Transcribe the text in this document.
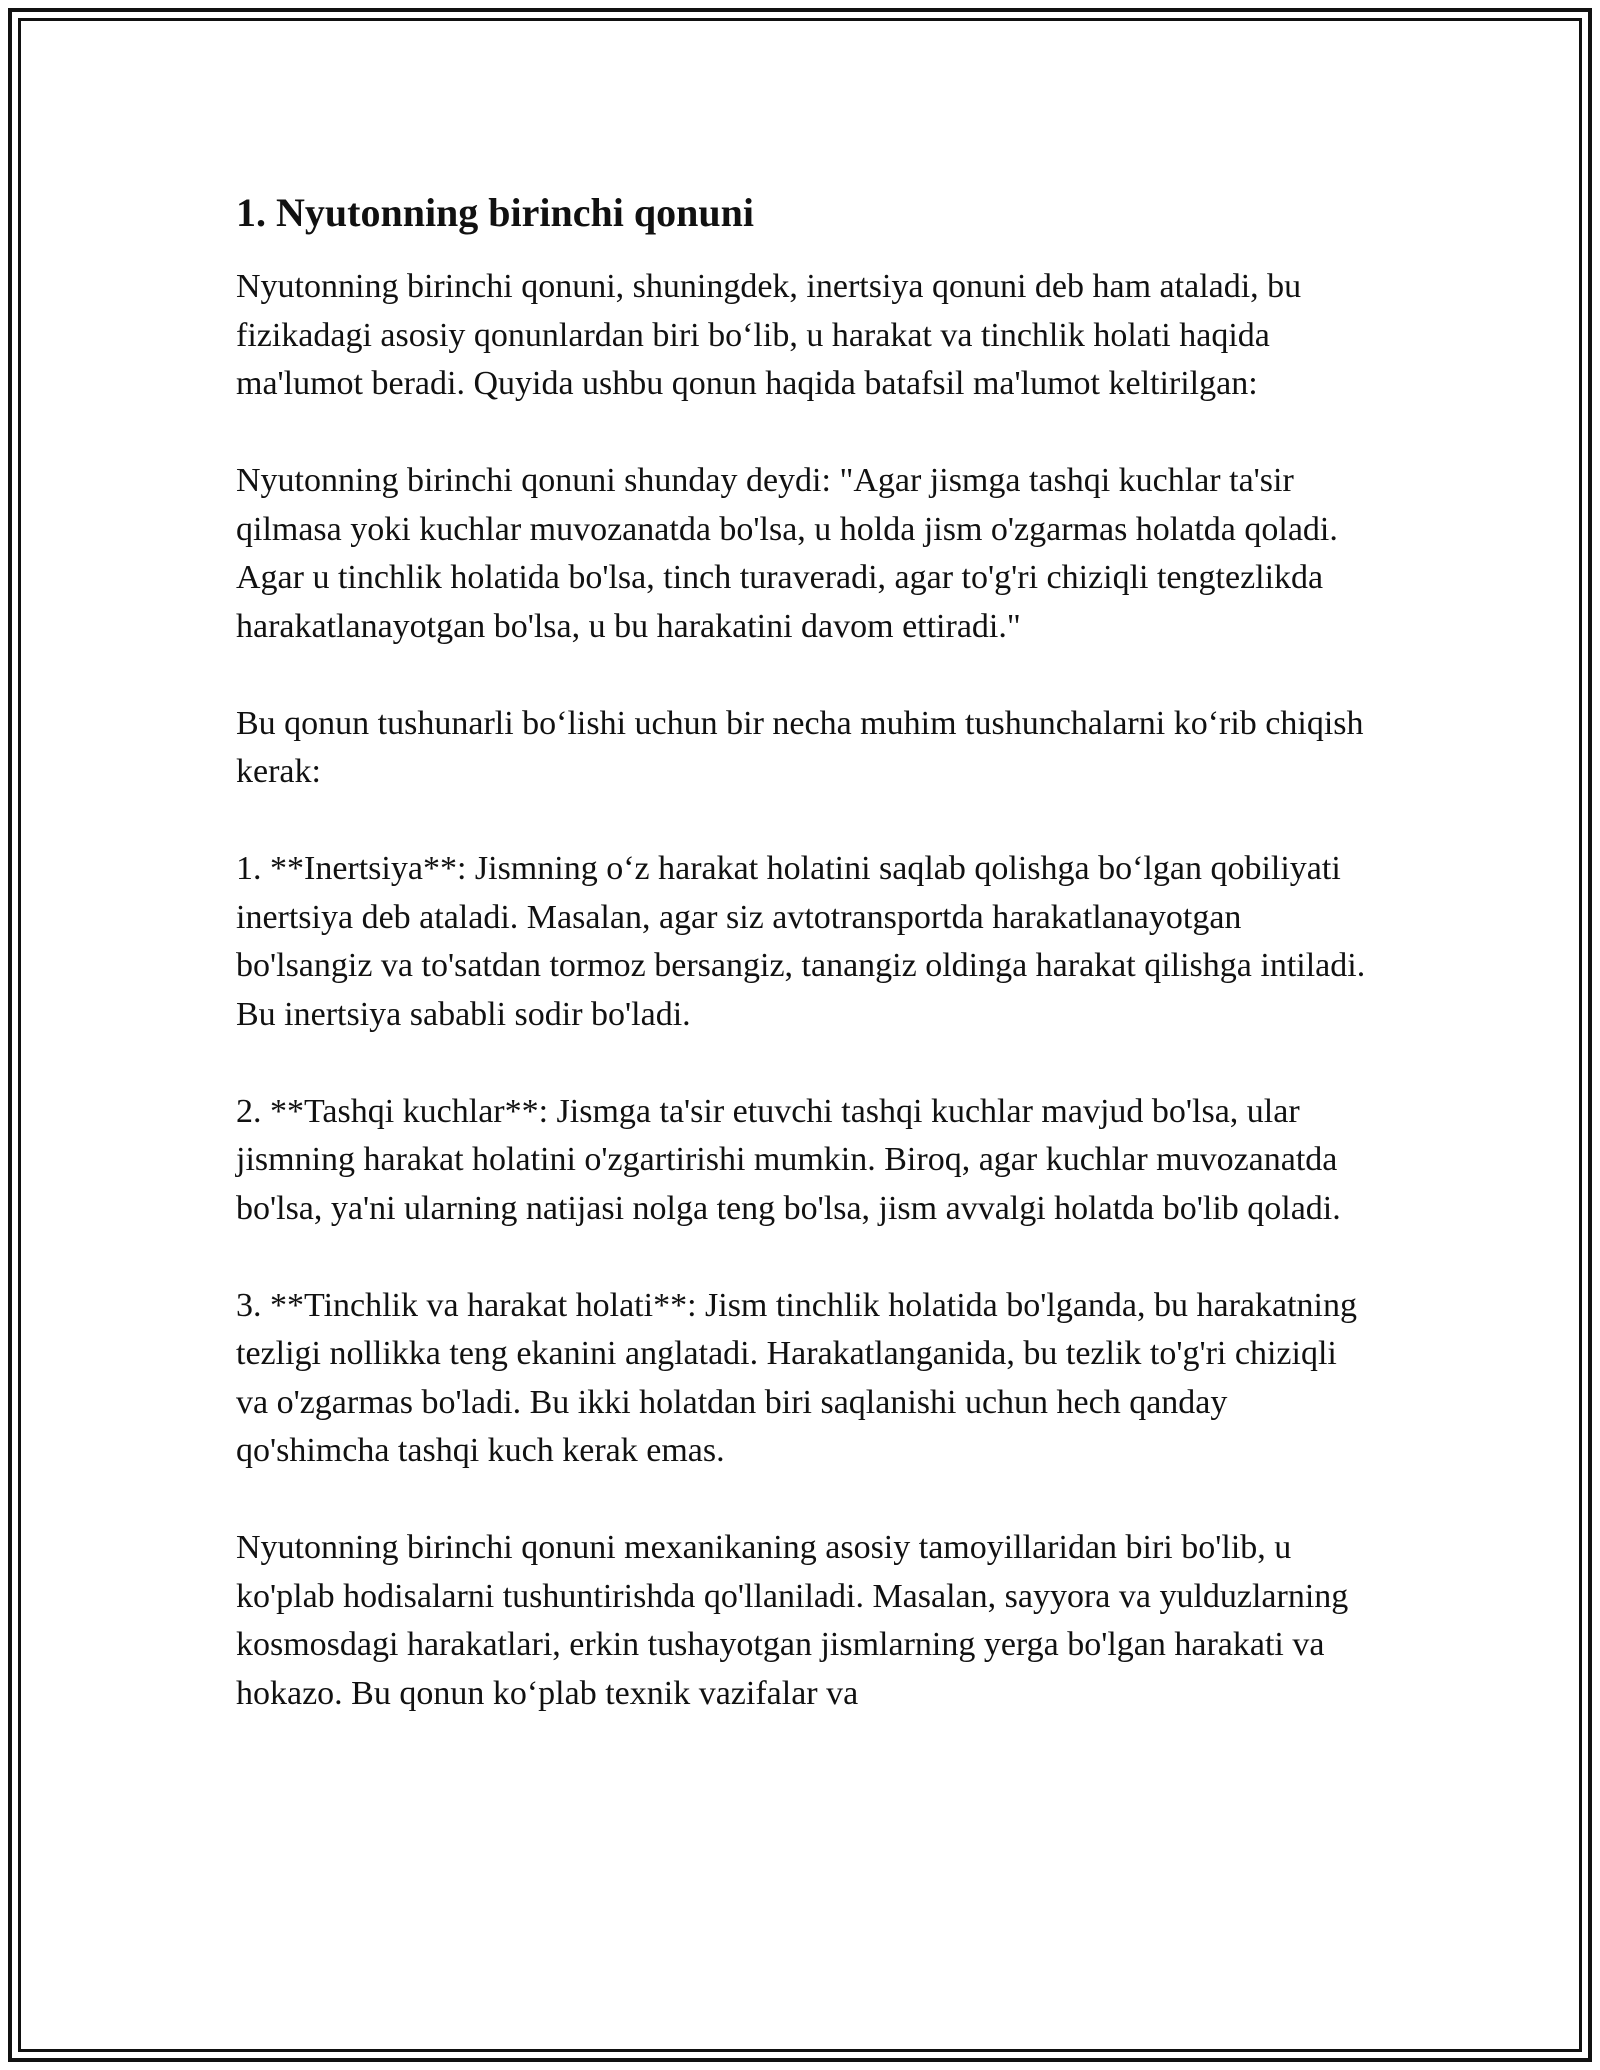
1. Nyutonning birinchi qonuni

Nyutonning birinchi qonuni, shuningdek, inertsiya qonuni deb ham ataladi, bu fizikadagi asosiy qonunlardan biri bo‘lib, u harakat va tinchlik holati haqida ma'lumot beradi. Quyida ushbu qonun haqida batafsil ma'lumot keltirilgan:

Nyutonning birinchi qonuni shunday deydi: "Agar jismga tashqi kuchlar ta'sir qilmasa yoki kuchlar muvozanatda bo'lsa, u holda jism o'zgarmas holatda qoladi. Agar u tinchlik holatida bo'lsa, tinch turaveradi, agar to'g'ri chiziqli tengtezlikda harakatlanayotgan bo'lsa, u bu harakatini davom ettiradi."

Bu qonun tushunarli bo‘lishi uchun bir necha muhim tushunchalarni ko‘rib chiqish kerak:

1. **Inertsiya**: Jismning o‘z harakat holatini saqlab qolishga bo‘lgan qobiliyati inertsiya deb ataladi. Masalan, agar siz avtotransportda harakatlanayotgan bo'lsangiz va to'satdan tormoz bersangiz, tanangiz oldinga harakat qilishga intiladi. Bu inertsiya sababli sodir bo'ladi.

2. **Tashqi kuchlar**: Jismga ta'sir etuvchi tashqi kuchlar mavjud bo'lsa, ular jismning harakat holatini o'zgartirishi mumkin. Biroq, agar kuchlar muvozanatda bo'lsa, ya'ni ularning natijasi nolga teng bo'lsa, jism avvalgi holatda bo'lib qoladi.

3. **Tinchlik va harakat holati**: Jism tinchlik holatida bo'lganda, bu harakatning tezligi nollikka teng ekanini anglatadi. Harakatlanganida, bu tezlik to'g'ri chiziqli va o'zgarmas bo'ladi. Bu ikki holatdan biri saqlanishi uchun hech qanday qo'shimcha tashqi kuch kerak emas.

Nyutonning birinchi qonuni mexanikaning asosiy tamoyillaridan biri bo'lib, u ko'plab hodisalarni tushuntirishda qo'llaniladi. Masalan, sayyora va yulduzlarning kosmosdagi harakatlari, erkin tushayotgan jismlarning yerga bo'lgan harakati va hokazo. Bu qonun ko‘plab texnik vazifalar va
